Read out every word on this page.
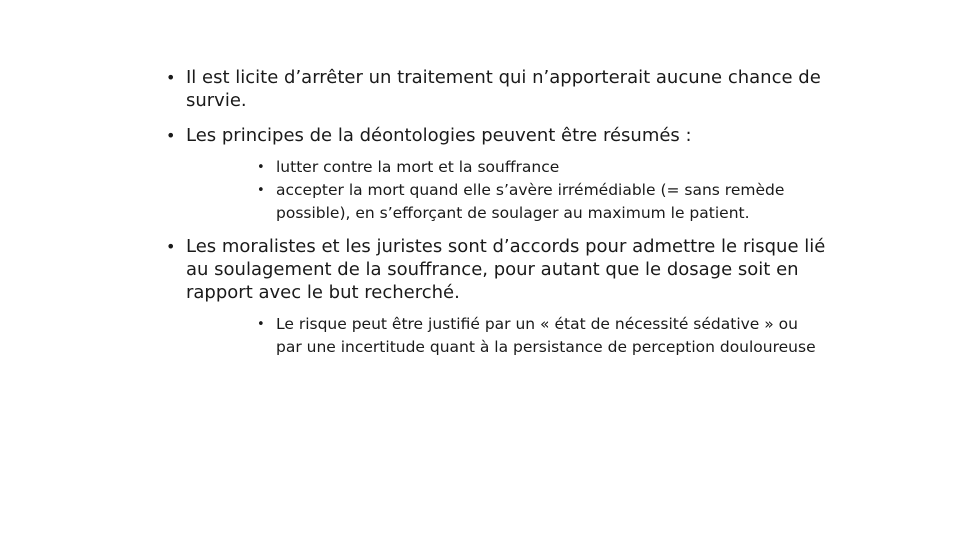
• Il est licite d’arrêter un traitement qui n’apporterait aucune chance de survie.
• Les principes de la déontologies peuvent être résumés :
• lutter contre la mort et la souffrance
• accepter la mort quand elle s’avère irrémédiable (= sans remède possible), en s’efforçant de soulager au maximum le patient.
• Les moralistes et les juristes sont d’accords pour admettre le risque lié au soulagement de la souffrance, pour autant que le dosage soit en rapport avec le but recherché.
• Le risque peut être justifié par un « état de nécessité sédative » ou par une incertitude quant à la persistance de perception douloureuse
